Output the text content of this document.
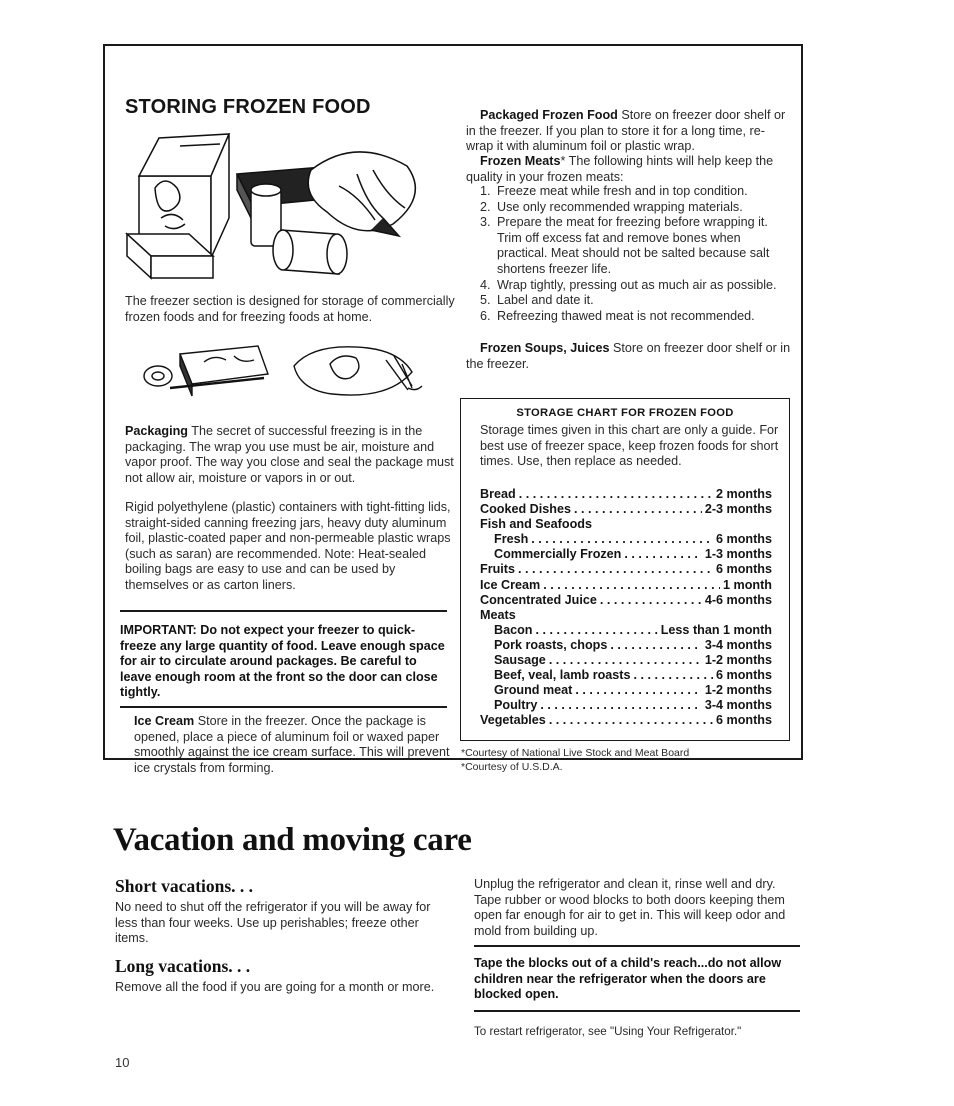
STORING FROZEN FOOD
The freezer section is designed for storage of commercially frozen foods and for freezing foods at home.
Packaging The secret of successful freezing is in the packaging. The wrap you use must be air, moisture and vapor proof. The way you close and seal the package must not allow air, moisture or vapors in or out.
Rigid polyethylene (plastic) containers with tight-fitting lids, straight-sided canning freezing jars, heavy duty aluminum foil, plastic-coated paper and non-permeable plastic wraps (such as saran) are recommended. Note: Heat-sealed boiling bags are easy to use and can be used by themselves or as carton liners.
IMPORTANT: Do not expect your freezer to quick-freeze any large quantity of food. Leave enough space for air to circulate around packages. Be careful to leave enough room at the front so the door can close tightly.
Ice Cream Store in the freezer. Once the package is opened, place a piece of aluminum foil or waxed paper smoothly against the ice cream surface. This will prevent ice crystals from forming.
Packaged Frozen Food Store on freezer door shelf or in the freezer. If you plan to store it for a long time, re-wrap it with aluminum foil or plastic wrap.
Frozen Meats* The following hints will help keep the quality in your frozen meats:
1. Freeze meat while fresh and in top condition.
2. Use only recommended wrapping materials.
3. Prepare the meat for freezing before wrapping it. Trim off excess fat and remove bones when practical. Meat should not be salted because salt shortens freezer life.
4. Wrap tightly, pressing out as much air as possible.
5. Label and date it.
6. Refreezing thawed meat is not recommended.
Frozen Soups, Juices Store on freezer door shelf or in the freezer.
STORAGE CHART FOR FROZEN FOOD
Storage times given in this chart are only a guide. For best use of freezer space, keep frozen foods for short times. Use, then replace as needed.
Bread . . .	2 months
Cooked Dishes . . .	2-3 months
Fish and Seafoods
Fresh . . .	6 months
Commercially Frozen . . .	1-3 months
Fruits . . .	6 months
Ice Cream . . .	1 month
Concentrated Juice . . .	4-6 months
Meats
Bacon . . .	Less than 1 month
Pork roasts, chops . . .	3-4 months
Sausage . . .	1-2 months
Beef, veal, lamb roasts . . .	6 months
Ground meat . . .	1-2 months
Poultry . . .	3-4 months
Vegetables . . .	6 months
*Courtesy of National Live Stock and Meat Board
*Courtesy of U.S.D.A.
Vacation and moving care
Short vacations. . .
No need to shut off the refrigerator if you will be away for less than four weeks. Use up perishables; freeze other items.
Long vacations. . .
Remove all the food if you are going for a month or more.
Unplug the refrigerator and clean it, rinse well and dry. Tape rubber or wood blocks to both doors keeping them open far enough for air to get in. This will keep odor and mold from building up.
Tape the blocks out of a child's reach...do not allow children near the refrigerator when the doors are blocked open.
To restart refrigerator, see "Using Your Refrigerator."
10
